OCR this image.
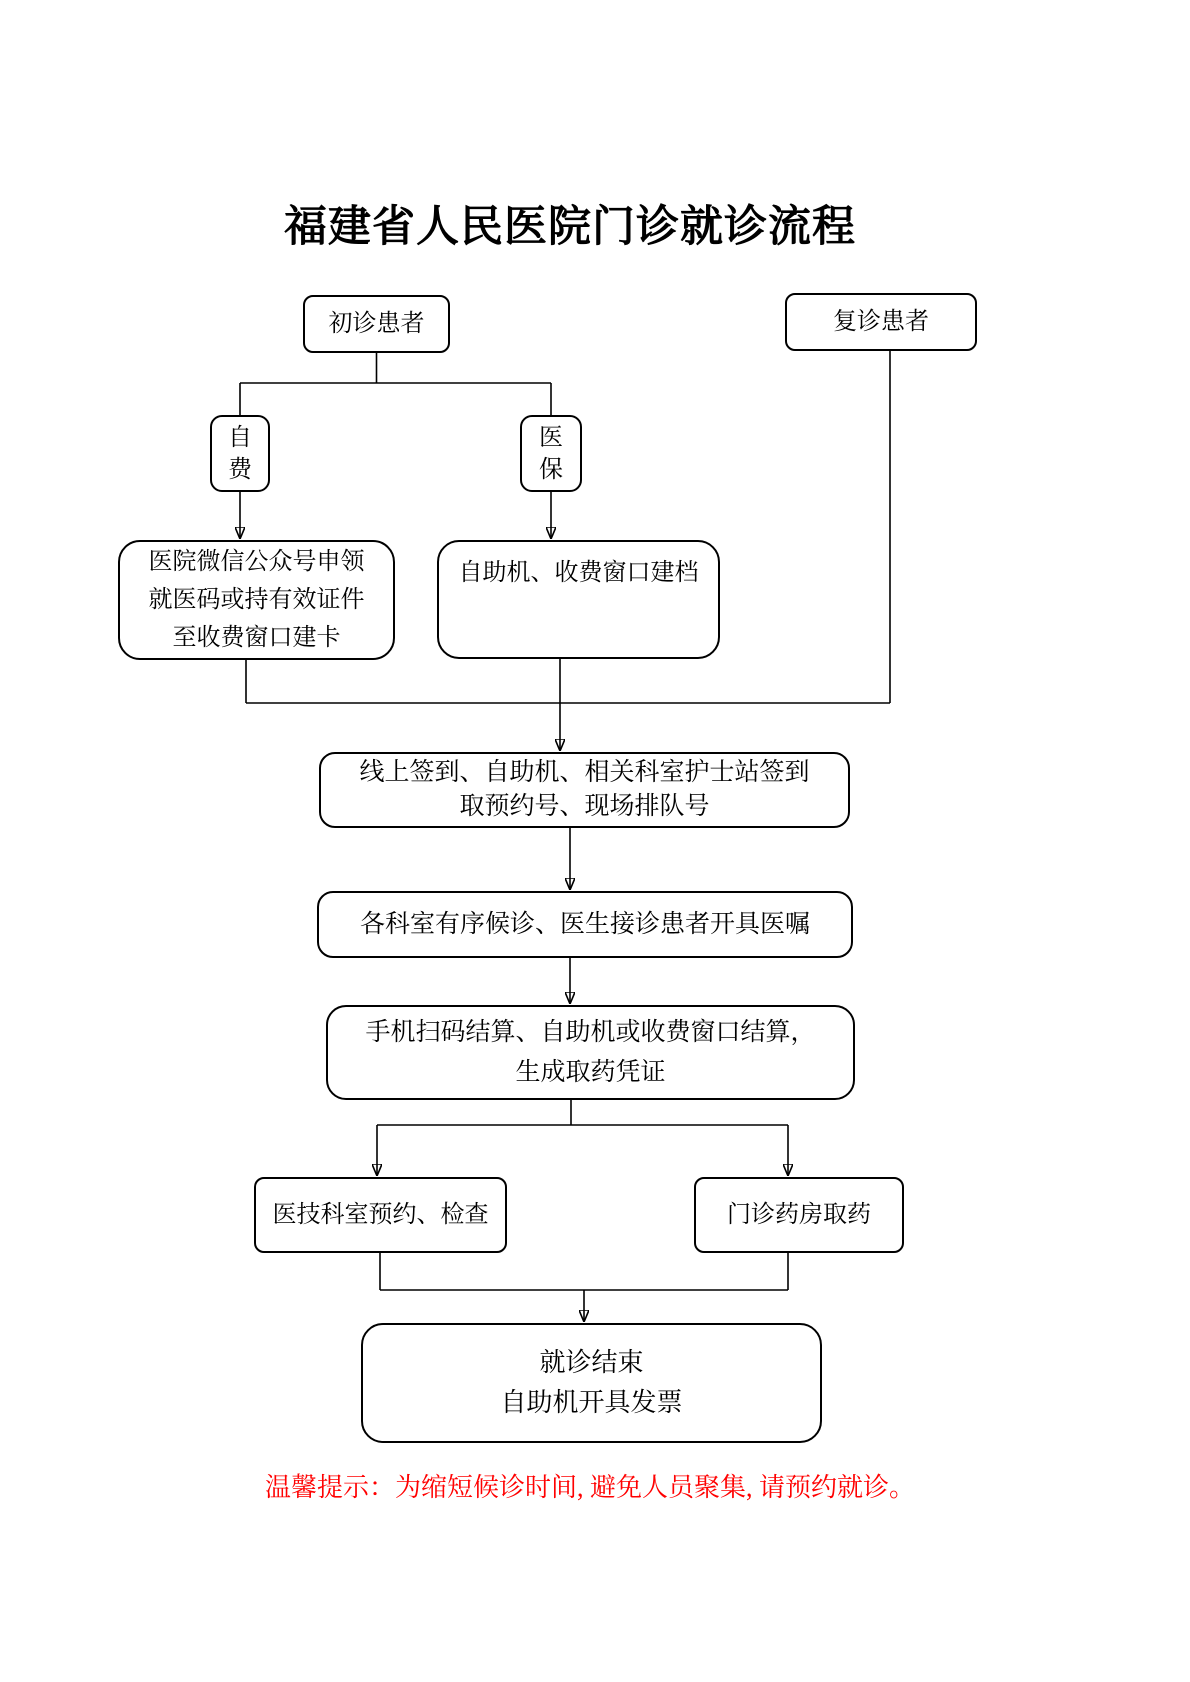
福建省人民医院门诊就诊流程
初诊患者	复诊患者
自
费
医
保
医院微信公众号申领
就医码或持有效证件
至收费窗口建卡
自助机、收费窗口建档
线上签到、自助机、相关科室护士站签到
取预约号、现场排队号
各科室有序候诊、医生接诊患者开具医嘱
手机扫码结算、自助机或收费窗口结算，
生成取药凭证
医技科室预约、检查	门诊药房取药
就诊结束
自助机开具发票
温馨提示：为缩短候诊时间, 避免人员聚集, 请预约就诊。
